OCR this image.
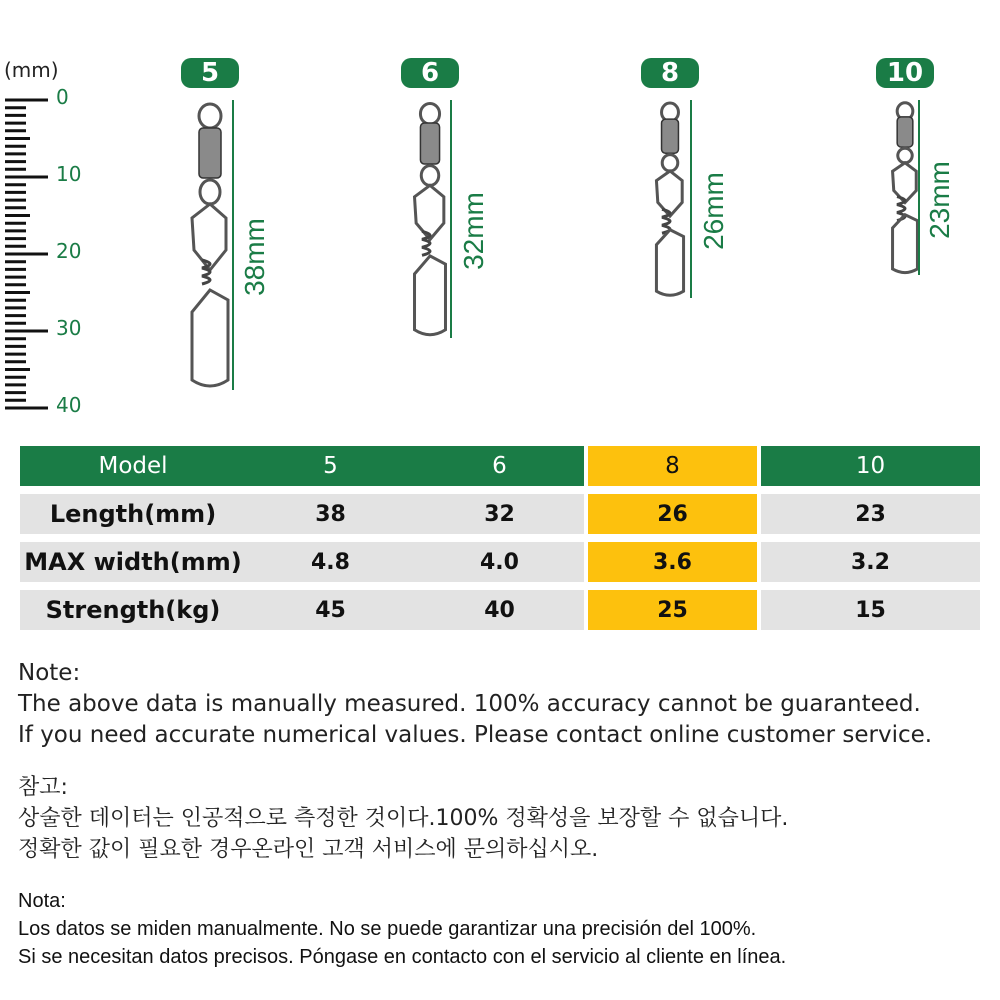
(mm)
0
10
20
30
40
5
38mm
6
32mm
8
26mm
10
23mm
Model	5	6	8	10
Length(mm)	38	32	26	23
MAX width(mm)	4.8	4.0	3.6	3.2
Strength(kg)	45	40	25	15
Note:
The above data is manually measured. 100% accuracy cannot be guaranteed.
If you need accurate numerical values. Please contact online customer service.
참고:
상술한 데이터는 인공적으로 측정한 것이다.100% 정확성을 보장할 수 없습니다.
정확한 값이 필요한 경우온라인 고객 서비스에 문의하십시오.
Nota:
Los datos se miden manualmente. No se puede garantizar una precisión del 100%.
Si se necesitan datos precisos. Póngase en contacto con el servicio al cliente en línea.
